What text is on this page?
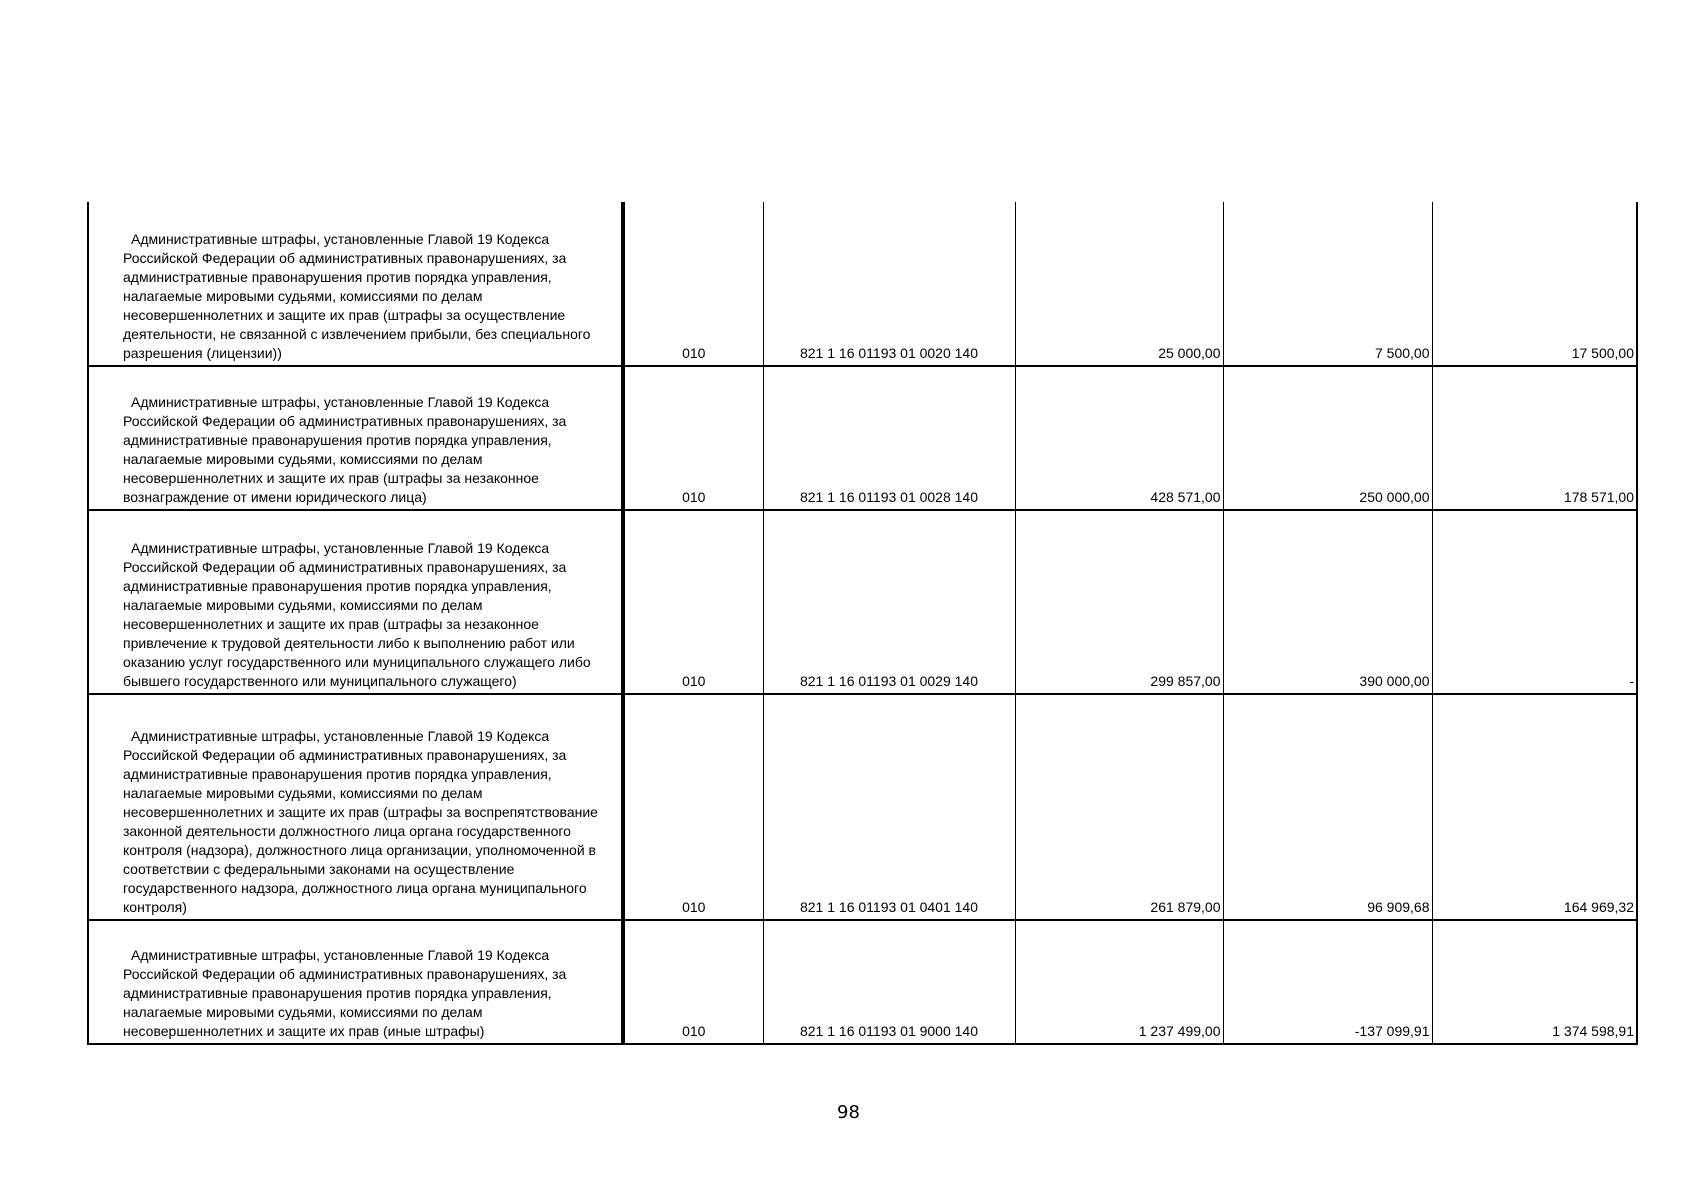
Административные штрафы, установленные Главой 19 Кодекса Российской Федерации об административных правонарушениях, за административные правонарушения против порядка управления, налагаемые мировыми судьями, комиссиями по делам несовершеннолетних и защите их прав (штрафы за осуществление деятельности, не связанной с извлечением прибыли, без специального разрешения (лицензии))	010	821 1 16 01193 01 0020 140	25 000,00	7 500,00	17 500,00

Административные штрафы, установленные Главой 19 Кодекса Российской Федерации об административных правонарушениях, за административные правонарушения против порядка управления, налагаемые мировыми судьями, комиссиями по делам несовершеннолетних и защите их прав (штрафы за незаконное вознаграждение от имени юридического лица)	010	821 1 16 01193 01 0028 140	428 571,00	250 000,00	178 571,00

Административные штрафы, установленные Главой 19 Кодекса Российской Федерации об административных правонарушениях, за административные правонарушения против порядка управления, налагаемые мировыми судьями, комиссиями по делам несовершеннолетних и защите их прав (штрафы за незаконное привлечение к трудовой деятельности либо к выполнению работ или оказанию услуг государственного или муниципального служащего либо бывшего государственного или муниципального служащего)	010	821 1 16 01193 01 0029 140	299 857,00	390 000,00	-

Административные штрафы, установленные Главой 19 Кодекса Российской Федерации об административных правонарушениях, за административные правонарушения против порядка управления, налагаемые мировыми судьями, комиссиями по делам несовершеннолетних и защите их прав (штрафы за воспрепятствование законной деятельности должностного лица органа государственного контроля (надзора), должностного лица организации, уполномоченной в соответствии с федеральными законами на осуществление государственного надзора, должностного лица органа муниципального контроля)	010	821 1 16 01193 01 0401 140	261 879,00	96 909,68	164 969,32

Административные штрафы, установленные Главой 19 Кодекса Российской Федерации об административных правонарушениях, за административные правонарушения против порядка управления, налагаемые мировыми судьями, комиссиями по делам несовершеннолетних и защите их прав (иные штрафы)	010	821 1 16 01193 01 9000 140	1 237 499,00	-137 099,91	1 374 598,91
98
